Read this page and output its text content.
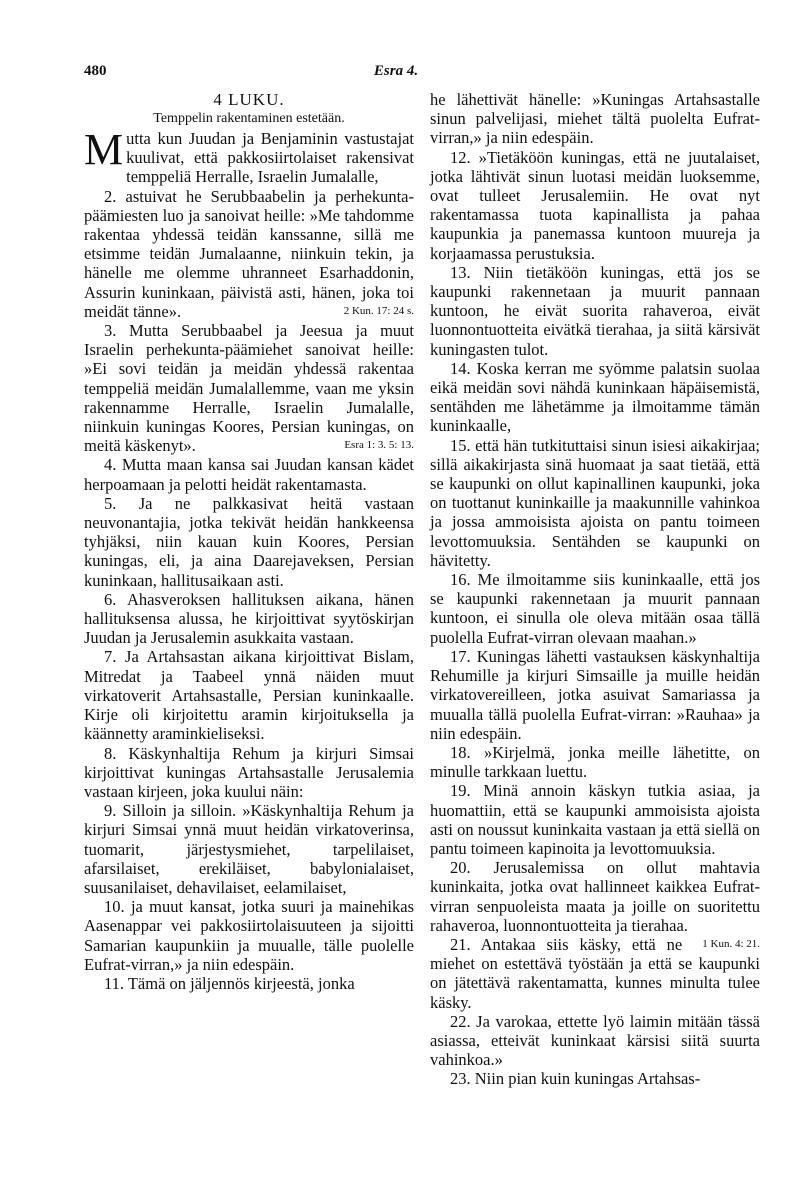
480	Esra 4.

4 LUKU.

Temppelin rakentaminen estetään.

Mutta kun Juudan ja Benjaminin vastustajat kuulivat, että pakkosiirtolaiset rakensivat temppeliä Herralle, Israelin Jumalalle,

2. astuivat he Serubbaabelin ja perhekunta-päämiesten luo ja sanoivat heille: »Me tahdomme rakentaa yhdessä teidän kanssanne, sillä me etsimme teidän Jumalaanne, niinkuin tekin, ja hänelle me olemme uhranneet Esarhaddonin, Assurin kuninkaan, päivistä asti, hänen, joka toi meidät tänne».	2 Kun. 17: 24 s.

3. Mutta Serubbaabel ja Jeesua ja muut Israelin perhekunta-päämiehet sanoivat heille: »Ei sovi teidän ja meidän yhdessä rakentaa temppeliä meidän Jumalallemme, vaan me yksin rakennamme Herralle, Israelin Jumalalle, niinkuin kuningas Koores, Persian kuningas, on meitä käskenyt».	Esra 1: 3. 5: 13.

4. Mutta maan kansa sai Juudan kansan kädet herpoamaan ja pelotti heidät rakentamasta.

5. Ja ne palkkasivat heitä vastaan neuvonantajia, jotka tekivät heidän hankkeensa tyhjäksi, niin kauan kuin Koores, Persian kuningas, eli, ja aina Daarejaveksen, Persian kuninkaan, hallitusaikaan asti.

6. Ahasveroksen hallituksen aikana, hänen hallituksensa alussa, he kirjoittivat syytöskirjan Juudan ja Jerusalemin asukkaita vastaan.

7. Ja Artahsastan aikana kirjoittivat Bislam, Mitredat ja Taabeel ynnä näiden muut virkatoverit Artahsastalle, Persian kuninkaalle. Kirje oli kirjoitettu aramin kirjoituksella ja käännetty araminkieliseksi.

8. Käskynhaltija Rehum ja kirjuri Simsai kirjoittivat kuningas Artahsastalle Jerusalemia vastaan kirjeen, joka kuului näin:

9. Silloin ja silloin. »Käskynhaltija Rehum ja kirjuri Simsai ynnä muut heidän virkatoverinsa, tuomarit, järjestysmiehet, tarpelilaiset, afarsilaiset, erekiläiset, babylonialaiset, suusanilaiset, dehavilaiset, eelamilaiset,

10. ja muut kansat, jotka suuri ja mainehikas Aasenappar vei pakkosiirtolaisuuteen ja sijoitti Samarian kaupunkiin ja muualle, tälle puolelle Eufrat-virran,» ja niin edespäin.

11. Tämä on jäljennös kirjeestä, jonka

he lähettivät hänelle: »Kuningas Artahsastalle sinun palvelijasi, miehet tältä puolelta Eufrat-virran,» ja niin edespäin.

12. »Tietäköön kuningas, että ne juutalaiset, jotka lähtivät sinun luotasi meidän luoksemme, ovat tulleet Jerusalemiin. He ovat nyt rakentamassa tuota kapinallista ja pahaa kaupunkia ja panemassa kuntoon muureja ja korjaamassa perustuksia.

13. Niin tietäköön kuningas, että jos se kaupunki rakennetaan ja muurit pannaan kuntoon, he eivät suorita rahaveroa, eivät luonnontuotteita eivätkä tierahaa, ja siitä kärsivät kuningasten tulot.

14. Koska kerran me syömme palatsin suolaa eikä meidän sovi nähdä kuninkaan häpäisemistä, sentähden me lähetämme ja ilmoitamme tämän kuninkaalle,

15. että hän tutkituttaisi sinun isiesi aikakirjaa; sillä aikakirjasta sinä huomaat ja saat tietää, että se kaupunki on ollut kapinallinen kaupunki, joka on tuottanut kuninkaille ja maakunnille vahinkoa ja jossa ammoisista ajoista on pantu toimeen levottomuuksia. Sentähden se kaupunki on hävitetty.

16. Me ilmoitamme siis kuninkaalle, että jos se kaupunki rakennetaan ja muurit pannaan kuntoon, ei sinulla ole oleva mitään osaa tällä puolella Eufrat-virran olevaan maahan.»

17. Kuningas lähetti vastauksen käskynhaltija Rehumille ja kirjuri Simsaille ja muille heidän virkatovereilleen, jotka asuivat Samariassa ja muualla tällä puolella Eufrat-virran: »Rauhaa» ja niin edespäin.

18. »Kirjelmä, jonka meille lähetitte, on minulle tarkkaan luettu.

19. Minä annoin käskyn tutkia asiaa, ja huomattiin, että se kaupunki ammoisista ajoista asti on noussut kuninkaita vastaan ja että siellä on pantu toimeen kapinoita ja levottomuuksia.

20. Jerusalemissa on ollut mahtavia kuninkaita, jotka ovat hallinneet kaikkea Eufrat-virran senpuoleista maata ja joille on suoritettu rahaveroa, luonnontuotteita ja tierahaa.
1 Kun. 4: 21.

21. Antakaa siis käsky, että ne miehet on estettävä työstään ja että se kaupunki on jätettävä rakentamatta, kunnes minulta tulee käsky.

22. Ja varokaa, ettette lyö laimin mitään tässä asiassa, etteivät kuninkaat kärsisi siitä suurta vahinkoa.»

23. Niin pian kuin kuningas Artahsas-
